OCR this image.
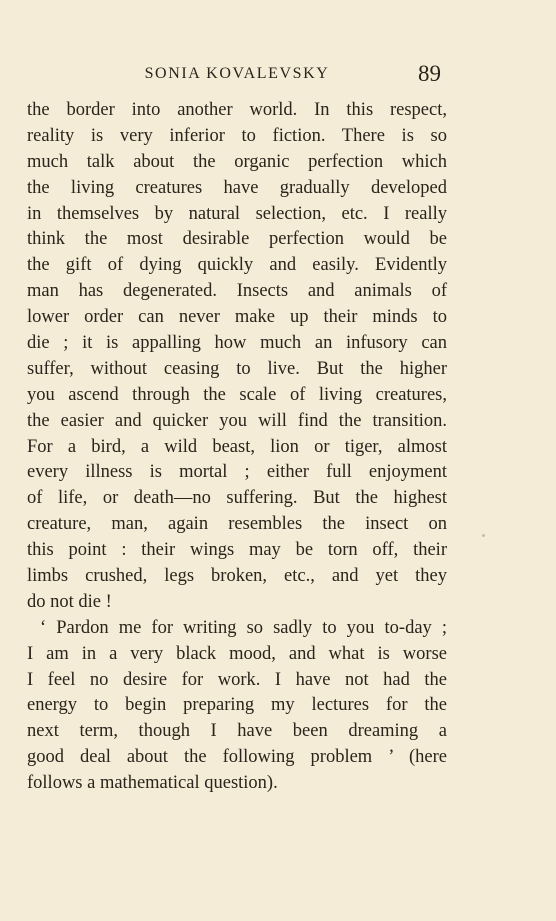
SONIA KOVALEVSKY	89
the border into another world. In this respect,
reality is very inferior to fiction. There is so
much talk about the organic perfection which
the living creatures have gradually developed
in themselves by natural selection, etc. I really
think the most desirable perfection would be
the gift of dying quickly and easily. Evidently
man has degenerated. Insects and animals of
lower order can never make up their minds to
die ; it is appalling how much an infusory can
suffer, without ceasing to live. But the higher
you ascend through the scale of living creatures,
the easier and quicker you will find the transition.
For a bird, a wild beast, lion or tiger, almost
every illness is mortal ; either full enjoyment
of life, or death—no suffering. But the highest
creature, man, again resembles the insect on
this point : their wings may be torn off, their
limbs crushed, legs broken, etc., and yet they
do not die !
‘ Pardon me for writing so sadly to you to-day ;
I am in a very black mood, and what is worse
I feel no desire for work. I have not had the
energy to begin preparing my lectures for the
next term, though I have been dreaming a
good deal about the following problem ’ (here
follows a mathematical question).
